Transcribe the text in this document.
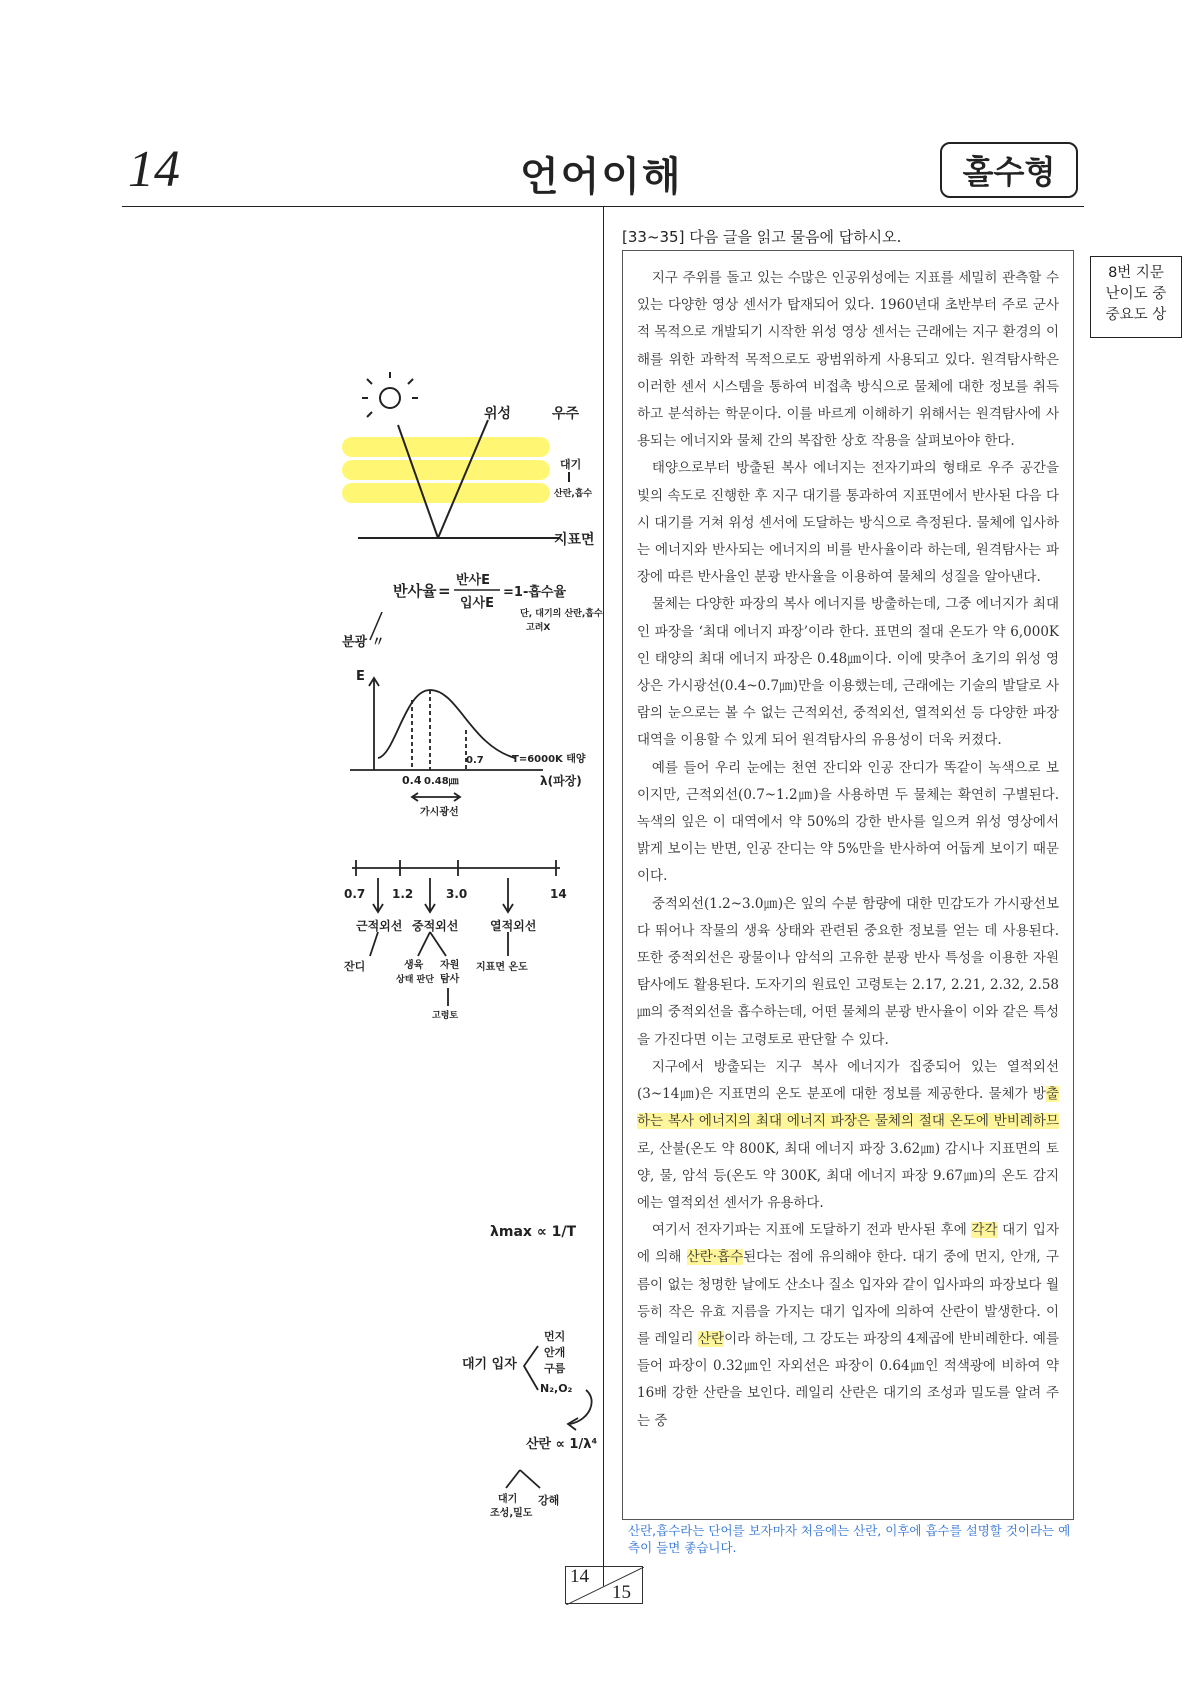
14	언어이해	홀수형
[33~35] 다음 글을 읽고 물음에 답하시오.

지구 주위를 돌고 있는 수많은 인공위성에는 지표를 세밀히 관측할 수 있는 다양한 영상 센서가 탑재되어 있다. 1960년대 초반부터 주로 군사적 목적으로 개발되기 시작한 위성 영상 센서는 근래에는 지구 환경의 이해를 위한 과학적 목적으로도 광범위하게 사용되고 있다. 원격탐사학은 이러한 센서 시스템을 통하여 비접촉 방식으로 물체에 대한 정보를 취득하고 분석하는 학문이다. 이를 바르게 이해하기 위해서는 원격탐사에 사용되는 에너지와 물체 간의 복잡한 상호 작용을 살펴보아야 한다.

태양으로부터 방출된 복사 에너지는 전자기파의 형태로 우주 공간을 빛의 속도로 진행한 후 지구 대기를 통과하여 지표면에서 반사된 다음 다시 대기를 거쳐 위성 센서에 도달하는 방식으로 측정된다. 물체에 입사하는 에너지와 반사되는 에너지의 비를 반사율이라 하는데, 원격탐사는 파장에 따른 반사율인 분광 반사율을 이용하여 물체의 성질을 알아낸다.

물체는 다양한 파장의 복사 에너지를 방출하는데, 그중 에너지가 최대인 파장을 ‘최대 에너지 파장’이라 한다. 표면의 절대 온도가 약 6,000K인 태양의 최대 에너지 파장은 0.48㎛이다. 이에 맞추어 초기의 위성 영상은 가시광선(0.4~0.7㎛)만을 이용했는데, 근래에는 기술의 발달로 사람의 눈으로는 볼 수 없는 근적외선, 중적외선, 열적외선 등 다양한 파장 대역을 이용할 수 있게 되어 원격탐사의 유용성이 더욱 커졌다.

예를 들어 우리 눈에는 천연 잔디와 인공 잔디가 똑같이 녹색으로 보이지만, 근적외선(0.7~1.2㎛)을 사용하면 두 물체는 확연히 구별된다. 녹색의 잎은 이 대역에서 약 50%의 강한 반사를 일으켜 위성 영상에서 밝게 보이는 반면, 인공 잔디는 약 5%만을 반사하여 어둡게 보이기 때문이다.

중적외선(1.2~3.0㎛)은 잎의 수분 함량에 대한 민감도가 가시광선보다 뛰어나 작물의 생육 상태와 관련된 중요한 정보를 얻는 데 사용된다. 또한 중적외선은 광물이나 암석의 고유한 분광 반사 특성을 이용한 자원 탐사에도 활용된다. 도자기의 원료인 고령토는 2.17, 2.21, 2.32, 2.58㎛의 중적외선을 흡수하는데, 어떤 물체의 분광 반사율이 이와 같은 특성을 가진다면 이는 고령토로 판단할 수 있다.

지구에서 방출되는 지구 복사 에너지가 집중되어 있는 열적외선(3~14㎛)은 지표면의 온도 분포에 대한 정보를 제공한다. 물체가 방출하는 복사 에너지의 최대 에너지 파장은 물체의 절대 온도에 반비례하므로, 산불(온도 약 800K, 최대 에너지 파장 3.62㎛) 감시나 지표면의 토양, 물, 암석 등(온도 약 300K, 최대 에너지 파장 9.67㎛)의 온도 감지에는 열적외선 센서가 유용하다.

여기서 전자기파는 지표에 도달하기 전과 반사된 후에 각각 대기 입자에 의해 산란·흡수된다는 점에 유의해야 한다. 대기 중에 먼지, 안개, 구름이 없는 청명한 날에도 산소나 질소 입자와 같이 입사파의 파장보다 월등히 작은 유효 지름을 가지는 대기 입자에 의하여 산란이 발생한다. 이를 레일리 산란이라 하는데, 그 강도는 파장의 4제곱에 반비례한다. 예를 들어 파장이 0.32㎛인 자외선은 파장이 0.64㎛인 적색광에 비하여 약 16배 강한 산란을 보인다. 레일리 산란은 대기의 조성과 밀도를 알려 주는 중

8번 지문
난이도 중
중요도 상
산란,흡수라는 단어를 보자마자 처음에는 산란, 이후에 흡수를 설명할 것이라는 예측이 들면 좋습니다.
14
15
위성	우주
대기
산란,흡수
지표면
반사율 =
반사E
입사E
=1-흡수율
단, 대기의 산란,흡수
고려X
분광 〃
E
0.4 0.48㎛
0.7	T=6000K 태양
λ(파장)
가시광선
0.7 1.2	3.0	14
근적외선 중적외선	열적외선
잔디	생육
상태 판단
자원
탐사
고령토
지표면 온도
λmax ∝ 1/T
먼지
안개
구름
N₂,O₂
대기 입자
산란 ∝ 1/λ⁴
대기
조성,밀도
강해
